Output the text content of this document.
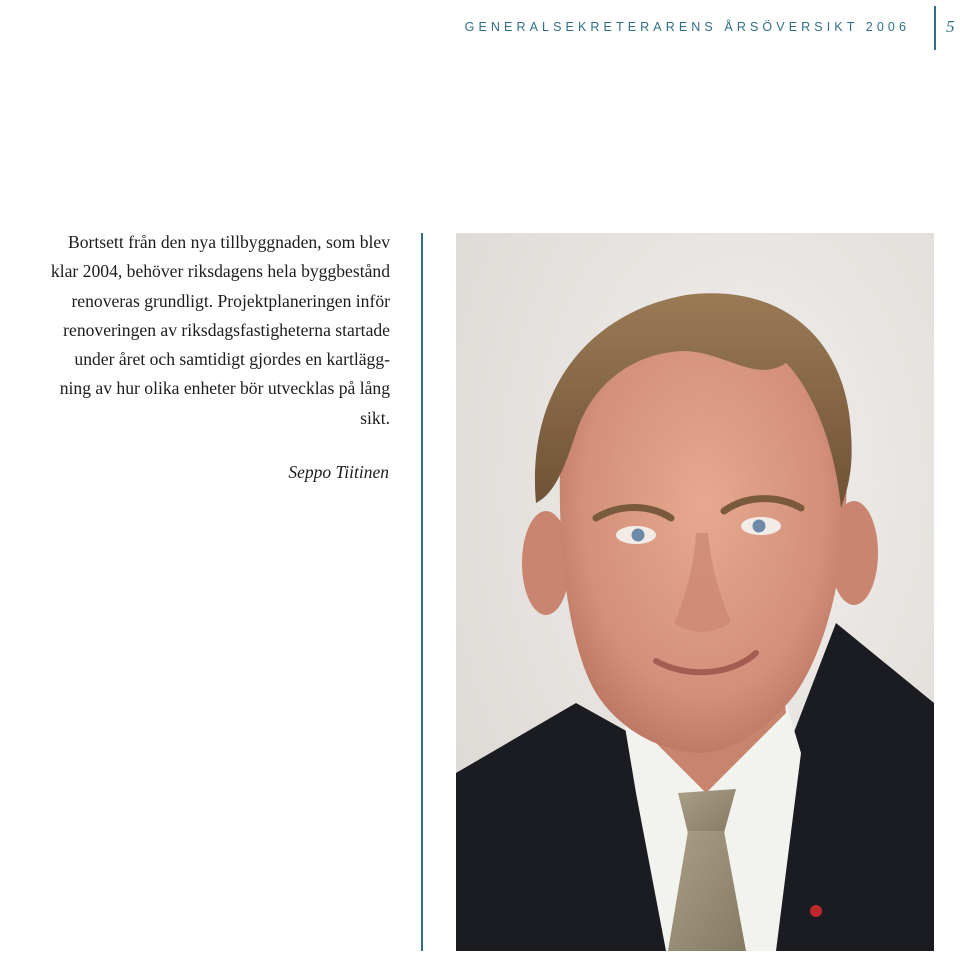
GENERALSEKRETERARENS ÅRSÖVERSIKT 2006 5
Bortsett från den nya tillbyggnaden, som blev
klar 2004, behöver riksdagens hela byggbestånd
renoveras grundligt. Projektplaneringen inför
renoveringen av riksdagsfastigheterna startade
under året och samtidigt gjordes en kartlägg-
ning av hur olika enheter bör utvecklas på lång
sikt.
Seppo Tiitinen
